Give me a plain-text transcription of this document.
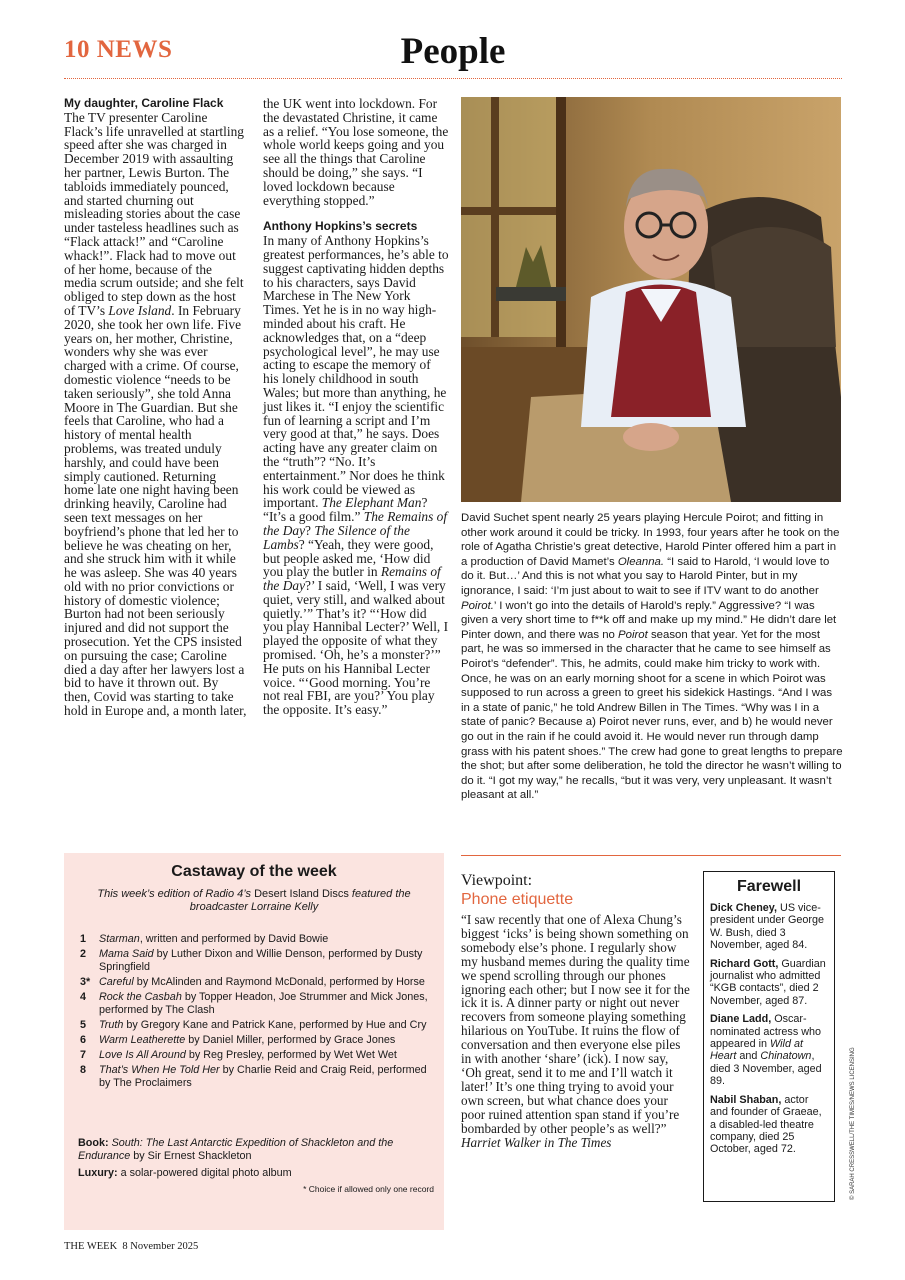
People
10 NEWS
My daughter, Caroline Flack

The TV presenter Caroline Flack’s life unravelled at startling speed after she was charged in December 2019 with assaulting her partner, Lewis Burton. The tabloids immediately pounced, and started churning out misleading stories about the case under tasteless headlines such as “Flack attack!” and “Caroline whack!”. Flack had to move out of her home, because of the media scrum outside; and she felt obliged to step down as the host of TV’s Love Island. In February 2020, she took her own life. Five years on, her mother, Christine, wonders why she was ever charged with a crime. Of course, domestic violence “needs to be taken seriously”, she told Anna Moore in The Guardian. But she feels that Caroline, who had a history of mental health problems, was treated unduly harshly, and could have been simply cautioned. Returning home late one night having been drinking heavily, Caroline had seen text messages on her boyfriend’s phone that led her to believe he was cheating on her, and she struck him with it while he was asleep. She was 40 years old with no prior convictions or history of domestic violence; Burton had not been seriously injured and did not support the prosecution. Yet the CPS insisted on pursuing the case; Caroline died a day after her lawyers lost a bid to have it thrown out. By then, Covid was starting to take hold in Europe and, a month later,

the UK went into lockdown. For the devastated Christine, it came as a relief. “You lose someone, the whole world keeps going and you see all the things that Caroline should be doing,” she says. “I loved lockdown because everything stopped.”

Anthony Hopkins’s secrets

In many of Anthony Hopkins’s greatest performances, he’s able to suggest captivating hidden depths to his characters, says David Marchese in The New York Times. Yet he is in no way high-minded about his craft. He acknowledges that, on a “deep psychological level”, he may use acting to escape the memory of his lonely childhood in south Wales; but more than anything, he just likes it. “I enjoy the scientific fun of learning a script and I’m very good at that,” he says. Does acting have any greater claim on the “truth”? “No. It’s entertainment.” Nor does he think his work could be viewed as important. The Elephant Man? “It’s a good film.” The Remains of the Day? The Silence of the Lambs? “Yeah, they were good, but people asked me, ‘How did you play the butler in Remains of the Day?’ I said, ‘Well, I was very quiet, very still, and walked about quietly.’” That’s it? “‘How did you play Hannibal Lecter?’ Well, I played the opposite of what they promised. ‘Oh, he’s a monster?’” He puts on his Hannibal Lecter voice. “‘Good morning. You’re not real FBI, are you?’ You play the opposite. It’s easy.”

David Suchet spent nearly 25 years playing Hercule Poirot; and fitting in other work around it could be tricky. In 1993, four years after he took on the role of Agatha Christie’s great detective, Harold Pinter offered him a part in a production of David Mamet’s Oleanna. “I said to Harold, ‘I would love to do it. But…’ And this is not what you say to Harold Pinter, but in my ignorance, I said: ‘I’m just about to wait to see if ITV want to do another Poirot.’ I won’t go into the details of Harold’s reply.” Aggressive? “I was given a very short time to f**k off and make up my mind.” He didn’t dare let Pinter down, and there was no Poirot season that year. Yet for the most part, he was so immersed in the character that he came to see himself as Poirot’s “defender”. This, he admits, could make him tricky to work with. Once, he was on an early morning shoot for a scene in which Poirot was supposed to run across a green to greet his sidekick Hastings. “And I was in a state of panic,” he told Andrew Billen in The Times. “Why was I in a state of panic? Because a) Poirot never runs, ever, and b) he would never go out in the rain if he could avoid it. He would never run through damp grass with his patent shoes.” The crew had gone to great lengths to prepare the shot; but after some deliberation, he told the director he wasn’t willing to do it. “I got my way,” he recalls, “but it was very, very unpleasant. It wasn’t pleasant at all.”
Castaway of the week
This week’s edition of Radio 4’s Desert Island Discs featured the broadcaster Lorraine Kelly
1	Starman, written and performed by David Bowie
2	Mama Said by Luther Dixon and Willie Denson, performed by Dusty Springfield
3* Careful by McAlinden and Raymond McDonald, performed by Horse
4	Rock the Casbah by Topper Headon, Joe Strummer and Mick Jones, performed by The Clash
5	Truth by Gregory Kane and Patrick Kane, performed by Hue and Cry
6	Warm Leatherette by Daniel Miller, performed by Grace Jones
7	Love Is All Around by Reg Presley, performed by Wet Wet Wet
8	That’s When He Told Her by Charlie Reid and Craig Reid, performed by The Proclaimers
Book: South: The Last Antarctic Expedition of Shackleton and the Endurance by Sir Ernest Shackleton
Luxury: a solar-powered digital photo album
* Choice if allowed only one record
Viewpoint:
Phone etiquette
“I saw recently that one of Alexa Chung’s biggest ‘icks’ is being shown something on somebody else’s phone. I regularly show my husband memes during the quality time we spend scrolling through our phones ignoring each other; but I now see it for the ick it is. A dinner party or night out never recovers from someone playing something hilarious on YouTube. It ruins the flow of conversation and then everyone else piles in with another ‘share’ (ick). I now say, ‘Oh great, send it to me and I’ll watch it later!’ It’s one thing trying to avoid your own screen, but what chance does your poor ruined attention span stand if you’re bombarded by other people’s as well?” Harriet Walker in The Times
Farewell
Dick Cheney, US vice-president under George W. Bush, died 3 November, aged 84.
Richard Gott, Guardian journalist who admitted “KGB contacts”, died 2 November, aged 87.
Diane Ladd, Oscar-nominated actress who appeared in Wild at Heart and Chinatown, died 3 November, aged 89.
Nabil Shaban, actor and founder of Graeae, a disabled-led theatre company, died 25 October, aged 72.	© SARAH CRESSWELL/THE TIMES/NEWS LICENSING
THE WEEK  8 November 2025
